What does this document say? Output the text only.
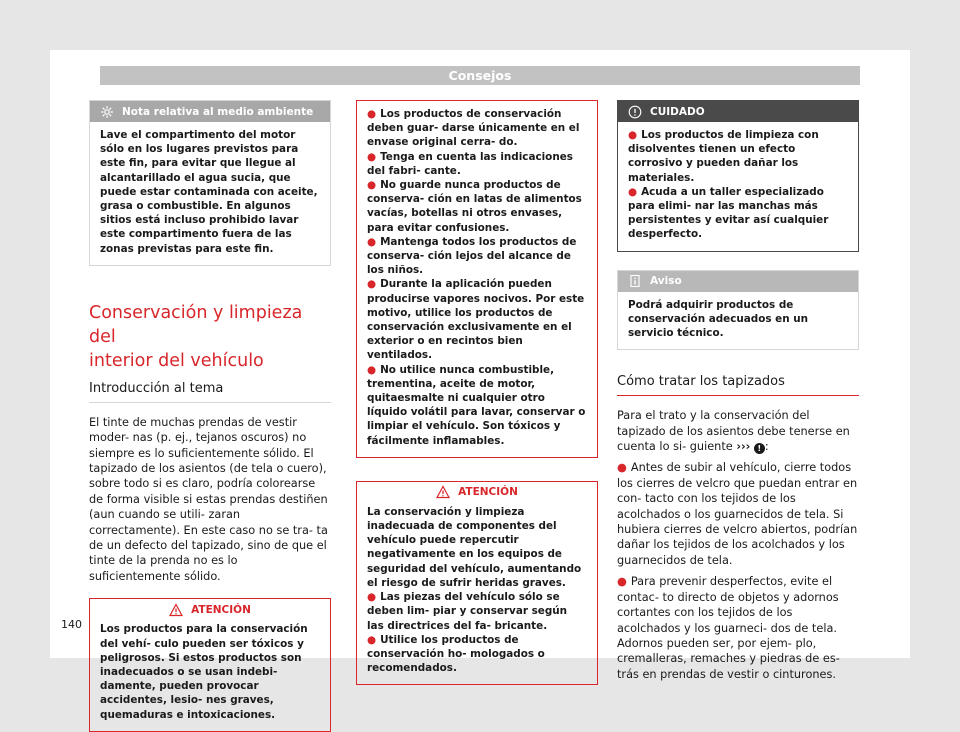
Consejos
Nota relativa al medio ambiente

Lave el compartimento del motor sólo en los lugares previstos para este fin, para evitar que llegue al alcantarillado el agua sucia, que puede estar contaminada con aceite, grasa o combustible. En algunos sitios está incluso prohibido lavar este compartimento fuera de las zonas previstas para este fin.

Conservación y limpieza del
interior del vehículo
Introducción al tema

El tinte de muchas prendas de vestir moder- nas (p. ej., tejanos oscuros) no siempre es lo suficientemente sólido. El tapizado de los asientos (de tela o cuero), sobre todo si es claro, podría colorearse de forma visible si estas prendas destiñen (aun cuando se utili- zaran correctamente). En este caso no se tra- ta de un defecto del tapizado, sino de que el tinte de la prenda no es lo suficientemente sólido.

ATENCIÓN

Los productos para la conservación del vehí- culo pueden ser tóxicos y peligrosos. Si estos productos son inadecuados o se usan indebi- damente, pueden provocar accidentes, lesio- nes graves, quemaduras e intoxicaciones.

● Los productos de conservación deben guar- darse únicamente en el envase original cerra- do.

● Tenga en cuenta las indicaciones del fabri- cante.

● No guarde nunca productos de conserva- ción en latas de alimentos vacías, botellas ni otros envases, para evitar confusiones.

● Mantenga todos los productos de conserva- ción lejos del alcance de los niños.

● Durante la aplicación pueden producirse vapores nocivos. Por este motivo, utilice los productos de conservación exclusivamente en el exterior o en recintos bien ventilados.

● No utilice nunca combustible, trementina, aceite de motor, quitaesmalte ni cualquier otro líquido volátil para lavar, conservar o limpiar el vehículo. Son tóxicos y fácilmente inflamables.

ATENCIÓN

La conservación y limpieza inadecuada de componentes del vehículo puede repercutir negativamente en los equipos de seguridad del vehículo, aumentando el riesgo de sufrir heridas graves.

● Las piezas del vehículo sólo se deben lim- piar y conservar según las directrices del fa- bricante.

● Utilice los productos de conservación ho- mologados o recomendados.

CUIDADO

● Los productos de limpieza con disolventes tienen un efecto corrosivo y pueden dañar los materiales.

● Acuda a un taller especializado para elimi- nar las manchas más persistentes y evitar así cualquier desperfecto.

Aviso

Podrá adquirir productos de conservación adecuados en un servicio técnico.

Cómo tratar los tapizados

Para el trato y la conservación del tapizado de los asientos debe tenerse en cuenta lo si- guiente ››› ! :

● Antes de subir al vehículo, cierre todos los cierres de velcro que puedan entrar en con- tacto con los tejidos de los acolchados o los guarnecidos de tela. Si hubiera cierres de velcro abiertos, podrían dañar los tejidos de los acolchados y los guarnecidos de tela.

● Para prevenir desperfectos, evite el contac- to directo de objetos y adornos cortantes con los tejidos de los acolchados y los guarneci- dos de tela. Adornos pueden ser, por ejem- plo, cremalleras, remaches y piedras de es- trás en prendas de vestir o cinturones.

140
